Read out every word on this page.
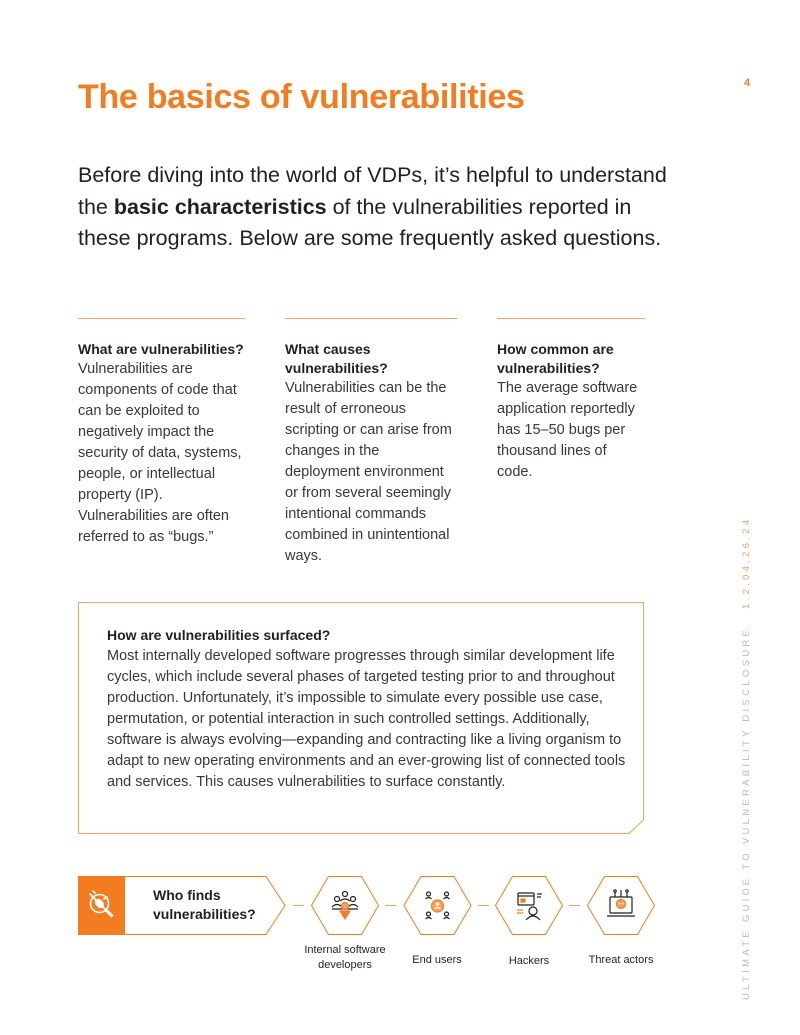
4
The basics of vulnerabilities

Before diving into the world of VDPs, it’s helpful to understand the basic characteristics of the vulnerabilities reported in these programs. Below are some frequently asked questions.

What are vulnerabilities?
Vulnerabilities are components of code that can be exploited to negatively impact the security of data, systems, people, or intellectual property (IP). Vulnerabilities are often referred to as “bugs.”
What causes vulnerabilities?
Vulnerabilities can be the result of erroneous scripting or can arise from changes in the deployment environment or from several seemingly intentional commands combined in unintentional ways.
How common are vulnerabilities?
The average software application reportedly has 15–50 bugs per thousand lines of code.
How are vulnerabilities surfaced?
Most internally developed software progresses through similar development life cycles, which include several phases of targeted testing prior to and throughout production. Unfortunately, it’s impossible to simulate every possible use case, permutation, or potential interaction in such controlled settings. Additionally, software is always evolving—expanding and contracting like a living organism to adapt to new operating environments and an ever-growing list of connected tools and services. This causes vulnerabilities to surface constantly.	ULTIMATE GUIDE TO VULNERABILITY DISCLOSURE   1.2.04.26.24
Who finds vulnerabilities?
Internal software developers	End users	Hackers	Threat actors
